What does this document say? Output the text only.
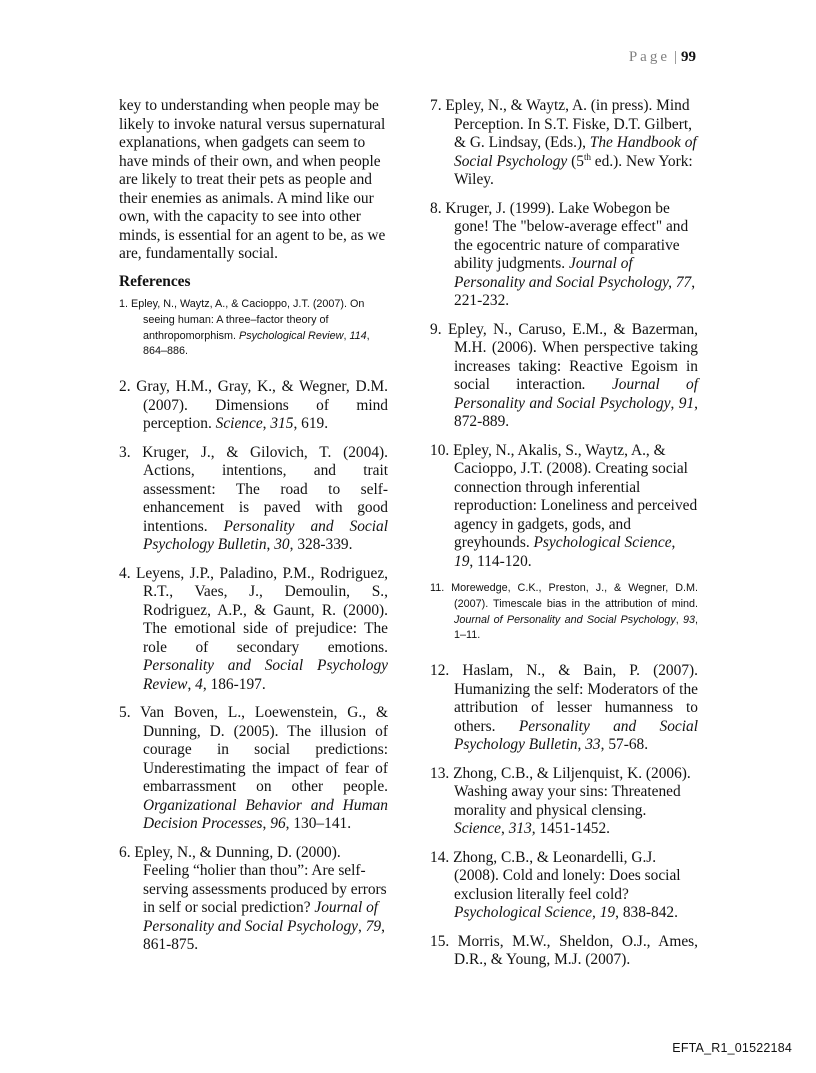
Page | 99

key to understanding when people may be likely to invoke natural versus supernatural explanations, when gadgets can seem to have minds of their own, and when people are likely to treat their pets as people and their enemies as animals. A mind like our own, with the capacity to see into other minds, is essential for an agent to be, as we are, fundamentally social.

References

1. Epley, N., Waytz, A., & Cacioppo, J.T. (2007). On seeing human: A three–factor theory of anthropomorphism. Psychological Review, 114, 864–886.

2. Gray, H.M., Gray, K., & Wegner, D.M. (2007). Dimensions of mind perception. Science, 315, 619.

3. Kruger, J., & Gilovich, T. (2004). Actions, intentions, and trait assessment: The road to self-enhancement is paved with good intentions. Personality and Social Psychology Bulletin, 30, 328-339.

4. Leyens, J.P., Paladino, P.M., Rodriguez, R.T., Vaes, J., Demoulin, S., Rodriguez, A.P., & Gaunt, R. (2000). The emotional side of prejudice: The role of secondary emotions. Personality and Social Psychology Review, 4, 186-197.

5. Van Boven, L., Loewenstein, G., & Dunning, D. (2005). The illusion of courage in social predictions: Underestimating the impact of fear of embarrassment on other people. Organizational Behavior and Human Decision Processes, 96, 130–141.

6. Epley, N., & Dunning, D. (2000). Feeling “holier than thou”: Are self-serving assessments produced by errors in self or social prediction? Journal of Personality and Social Psychology, 79, 861-875.

7. Epley, N., & Waytz, A. (in press). Mind Perception. In S.T. Fiske, D.T. Gilbert, & G. Lindsay, (Eds.), The Handbook of Social Psychology (5th ed.). New York: Wiley.

8. Kruger, J. (1999). Lake Wobegon be gone! The "below-average effect" and the egocentric nature of comparative ability judgments. Journal of Personality and Social Psychology, 77, 221-232.

9. Epley, N., Caruso, E.M., & Bazerman, M.H. (2006). When perspective taking increases taking: Reactive Egoism in social interaction. Journal of Personality and Social Psychology, 91, 872-889.

10. Epley, N., Akalis, S., Waytz, A., & Cacioppo, J.T. (2008). Creating social connection through inferential reproduction: Loneliness and perceived agency in gadgets, gods, and greyhounds. Psychological Science, 19, 114-120.

11. Morewedge, C.K., Preston, J., & Wegner, D.M. (2007). Timescale bias in the attribution of mind. Journal of Personality and Social Psychology, 93, 1–11.

12. Haslam, N., & Bain, P. (2007). Humanizing the self: Moderators of the attribution of lesser humanness to others. Personality and Social Psychology Bulletin, 33, 57-68.

13. Zhong, C.B., & Liljenquist, K. (2006). Washing away your sins: Threatened morality and physical clensing. Science, 313, 1451-1452.

14. Zhong, C.B., & Leonardelli, G.J. (2008). Cold and lonely: Does social exclusion literally feel cold? Psychological Science, 19, 838-842.

15. Morris, M.W., Sheldon, O.J., Ames, D.R., & Young, M.J. (2007).

EFTA_R1_01522184
